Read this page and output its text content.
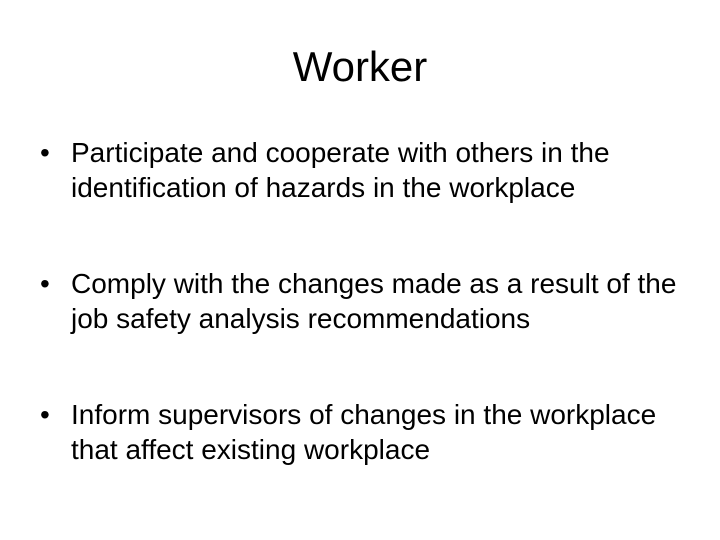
Worker
• Participate and cooperate with others in the identification of hazards in the workplace
• Comply with the changes made as a result of the job safety analysis recommendations
• Inform supervisors of changes in the workplace that affect existing workplace
